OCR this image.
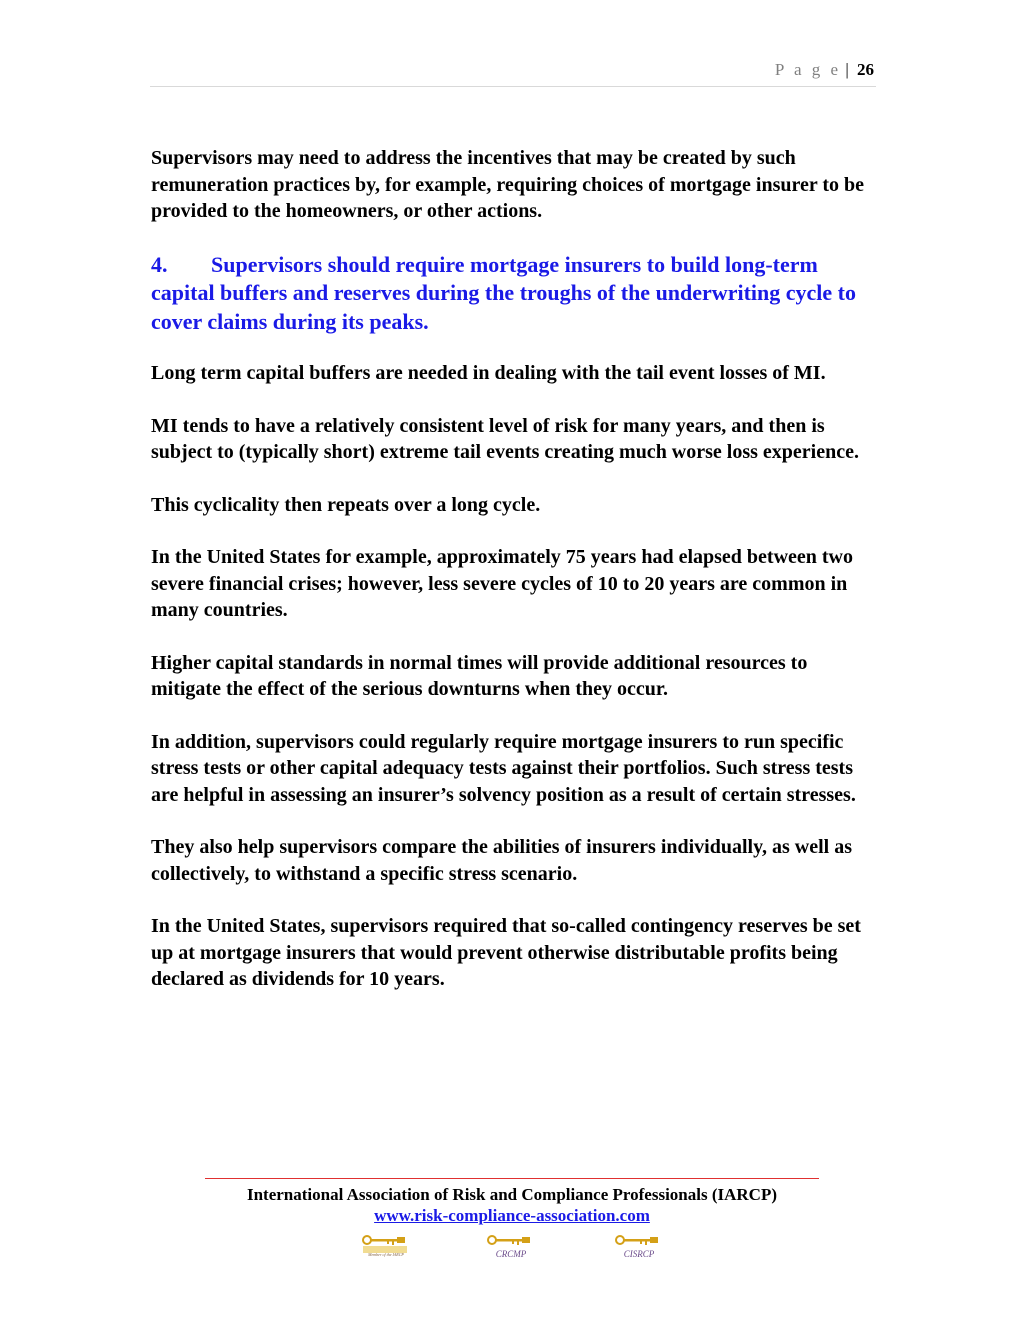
P a g e | 26

Supervisors may need to address the incentives that may be created by such remuneration practices by, for example, requiring choices of mortgage insurer to be provided to the homeowners, or other actions.

4. Supervisors should require mortgage insurers to build long-term capital buffers and reserves during the troughs of the underwriting cycle to cover claims during its peaks.

Long term capital buffers are needed in dealing with the tail event losses of MI.

MI tends to have a relatively consistent level of risk for many years, and then is subject to (typically short) extreme tail events creating much worse loss experience.

This cyclicality then repeats over a long cycle.

In the United States for example, approximately 75 years had elapsed between two severe financial crises; however, less severe cycles of 10 to 20 years are common in many countries.

Higher capital standards in normal times will provide additional resources to mitigate the effect of the serious downturns when they occur.

In addition, supervisors could regularly require mortgage insurers to run specific stress tests or other capital adequacy tests against their portfolios. Such stress tests are helpful in assessing an insurer’s solvency position as a result of certain stresses.

They also help supervisors compare the abilities of insurers individually, as well as collectively, to withstand a specific stress scenario.

In the United States, supervisors required that so-called contingency reserves be set up at mortgage insurers that would prevent otherwise distributable profits being declared as dividends for 10 years.

International Association of Risk and Compliance Professionals (IARCP)
www.risk-compliance-association.com
Member of the IARCP	CRCMP	CISRCP
